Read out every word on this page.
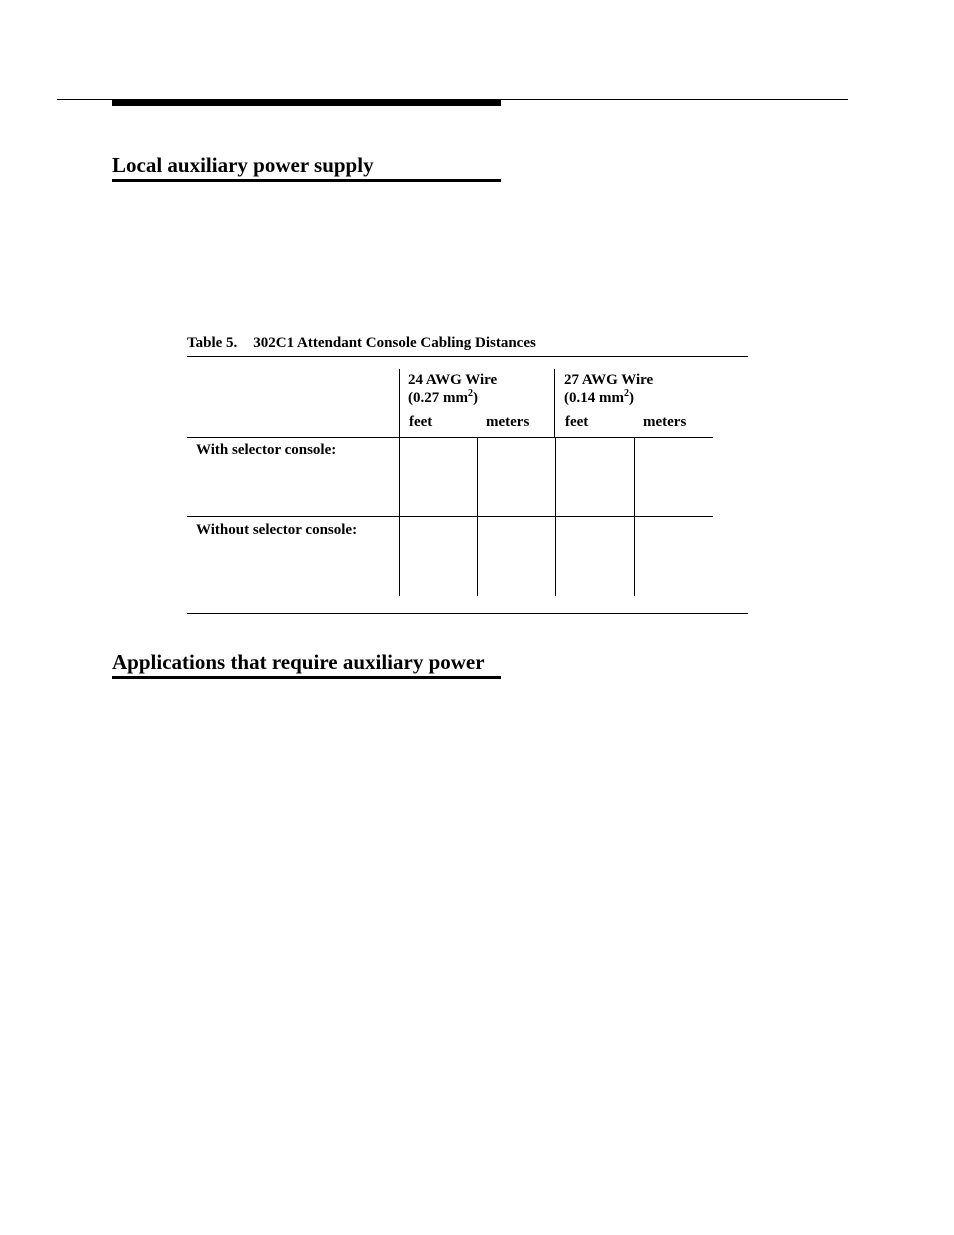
Local auxiliary power supply
Table 5. 302C1 Attendant Console Cabling Distances
24 AWG Wire
(0.27 $mm^2$)
27 AWG Wire
(0.14 $mm^2$)
feet	meters feet	meters
With selector console:
Without selector console:
Applications that require auxiliary power
